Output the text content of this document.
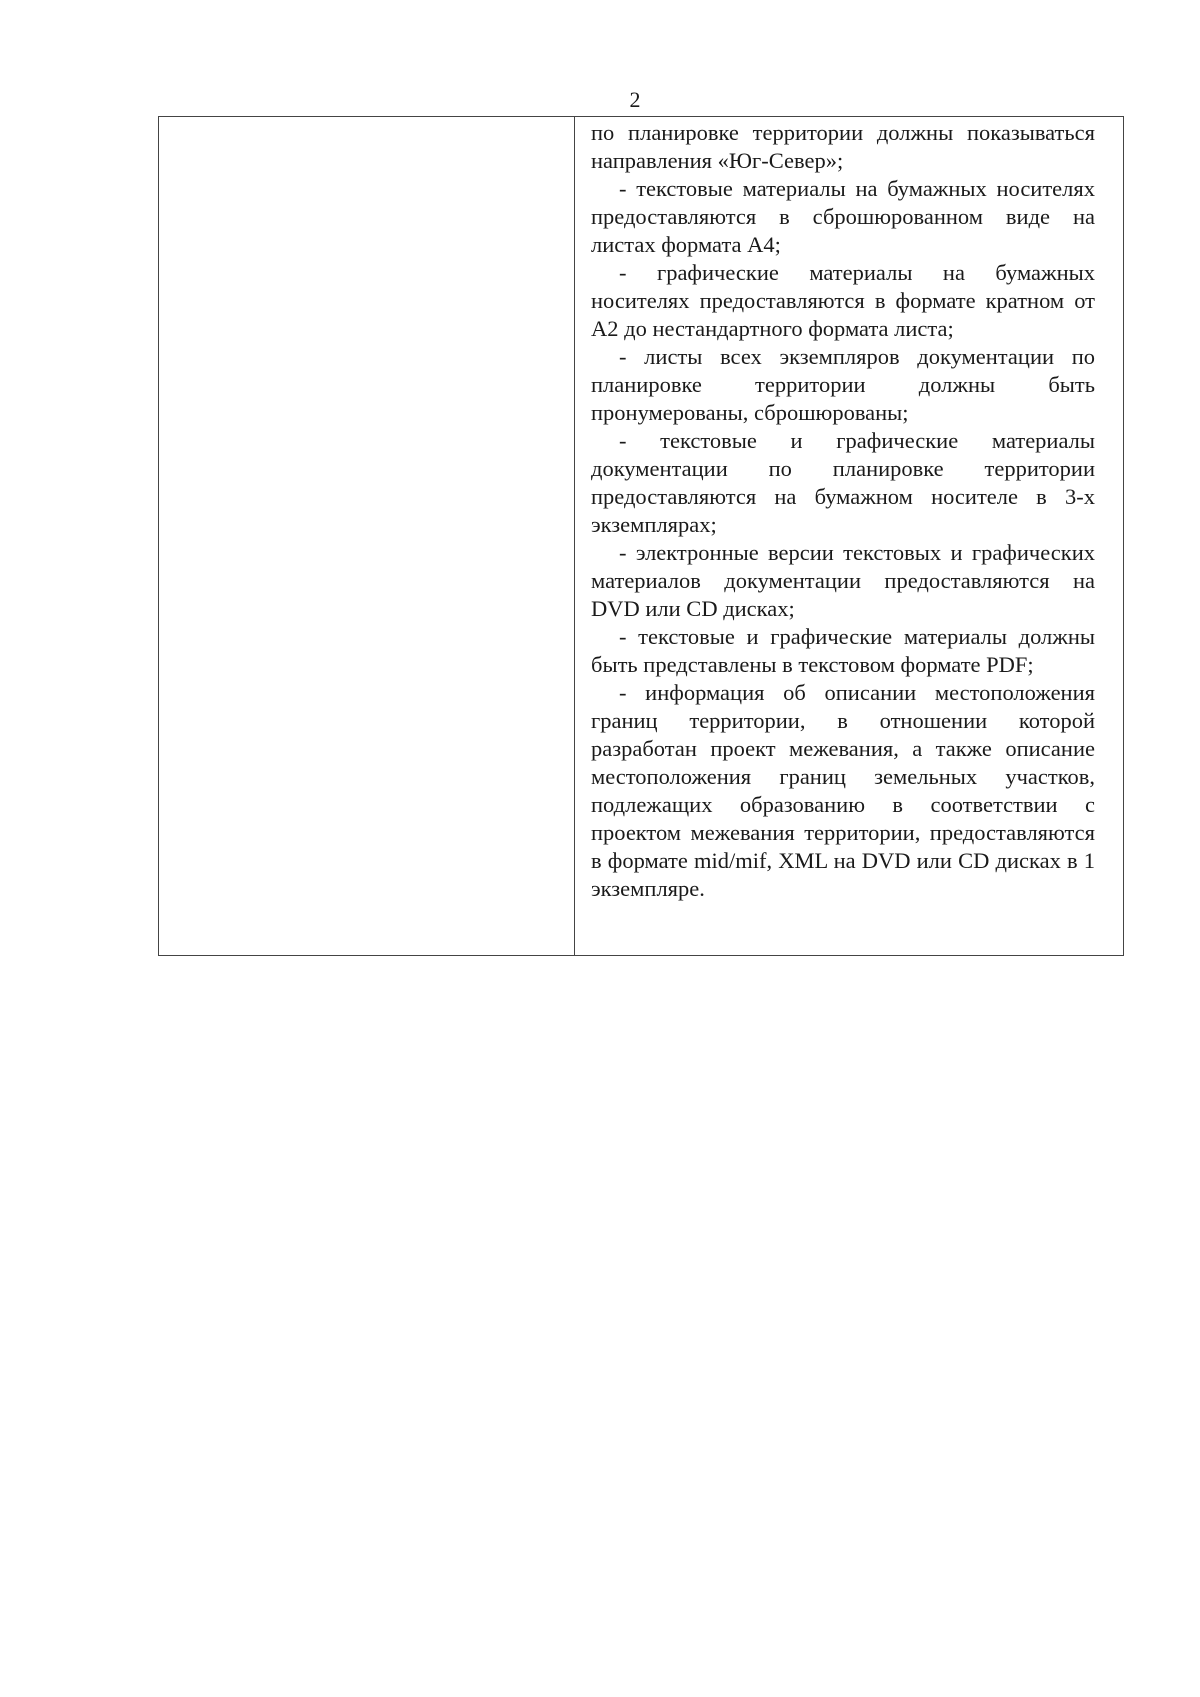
2

по планировке территории должны показываться направления «Юг-Север»;

- текстовые материалы на бумажных носителях предоставляются в сброшюрованном виде на листах формата А4;

- графические материалы на бумажных носителях предоставляются в формате кратном от А2 до нестандартного формата листа;

- листы всех экземпляров документации по планировке территории должны быть пронумерованы, сброшюрованы;

- текстовые и графические материалы документации по планировке территории предоставляются на бумажном носителе в 3-х экземплярах;

- электронные версии текстовых и графических материалов документации предоставляются на DVD или CD дисках;

- текстовые и графические материалы должны быть представлены в текстовом формате PDF;

- информация об описании местоположения границ территории, в отношении которой разработан проект межевания, а также описание местоположения границ земельных участков, подлежащих образованию в соответствии с проектом межевания территории, предоставляются в формате mid/mif, XML на DVD или CD дисках в 1 экземпляре.
